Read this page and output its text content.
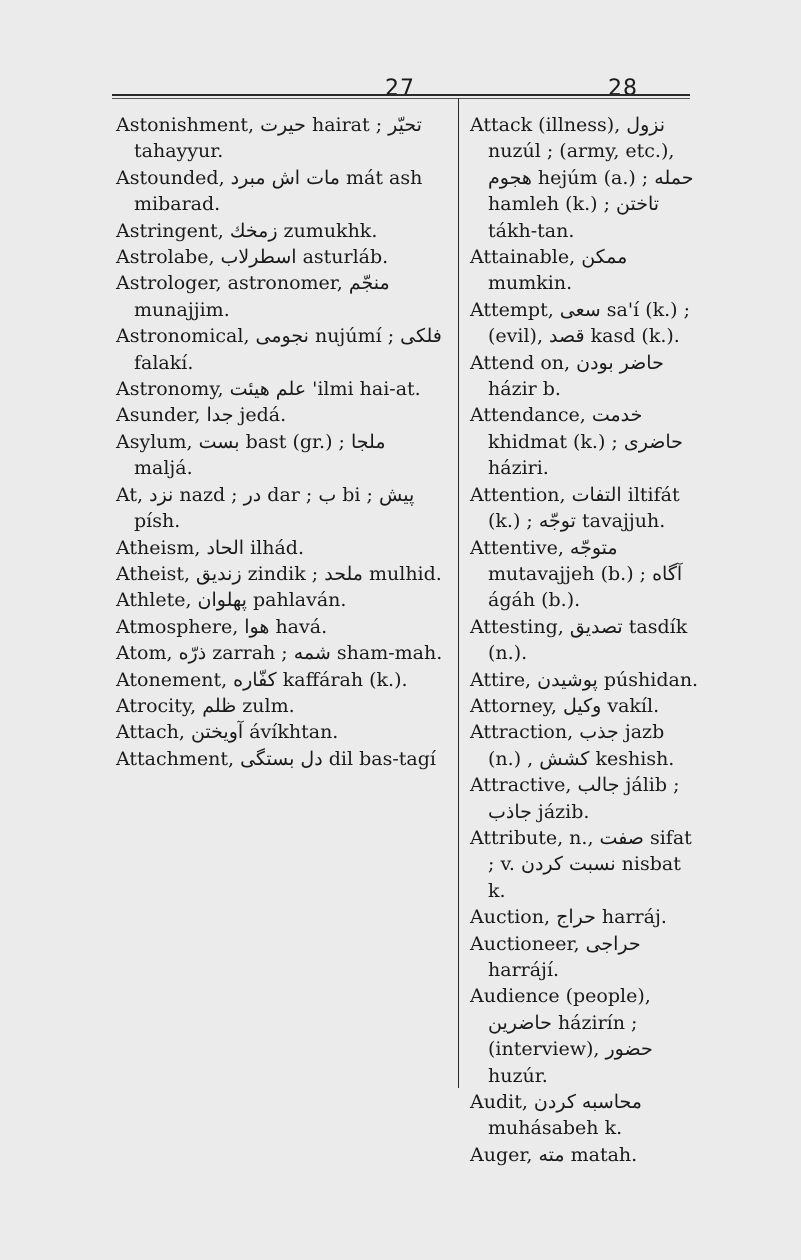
27	28

Astonishment, حيرت hairat ; تحيّر tahayyur.

Astounded, مات اش مبرد mát ash mibarad.

Astringent, زمخك zumukhk.

Astrolabe, اسطرلاب asturláb.

Astrologer, astronomer, منجّم munajjim.

Astronomical, نجومی nujúmí ; فلکی falakí.

Astronomy, علم هيئت 'ilmi hai-at.

Asunder, جدا jedá.

Asylum, بست bast (gr.) ; ملجا maljá.

At, نزد nazd ; در dar ; ب bi ; پيش písh.

Atheism, الحاد ilhád.

Atheist, زنديق zindik ; ملحد mulhid.

Athlete, پهلوان pahlaván.

Atmosphere, هوا havá.

Atom, ذرّه zarrah ; شمه sham-mah.

Atonement, كفّاره kaffárah (k.).

Atrocity, ظلم zulm.

Attach, آويختن ávíkhtan.

Attachment, دل بستگی dil bas-tagí

Attack (illness), نزول nuzúl ; (army, etc.), هجوم hejúm (a.) ; حمله hamleh (k.) ; تاختن tákh-tan.

Attainable, ممکن mumkin.

Attempt, سعی sa'í (k.) ; (evil), قصد kasd (k.).

Attend on, حاضر بودن házir b.

Attendance, خدمت khidmat (k.) ; حاضری háziri.

Attention, التفات iltifát (k.) ; توجّه tavajjuh.

Attentive, متوجّه mutavajjeh (b.) ; آگاه ágáh (b.).

Attesting, تصديق tasdík (n.).

Attire, پوشيدن púshidan.

Attorney, وکيل vakíl.

Attraction, جذب jazb (n.) , کشش keshish.

Attractive, جالب jálib ; جاذب jázib.

Attribute, n., صفت sifat ; v. نسبت کردن nisbat k.

Auction, حراج harráj.

Auctioneer, حراجی harrájí.

Audience (people), حاضرين házirín ; (interview), حضور huzúr.

Audit, محاسبه کردن muhásabeh k.

Auger, مته matah.
